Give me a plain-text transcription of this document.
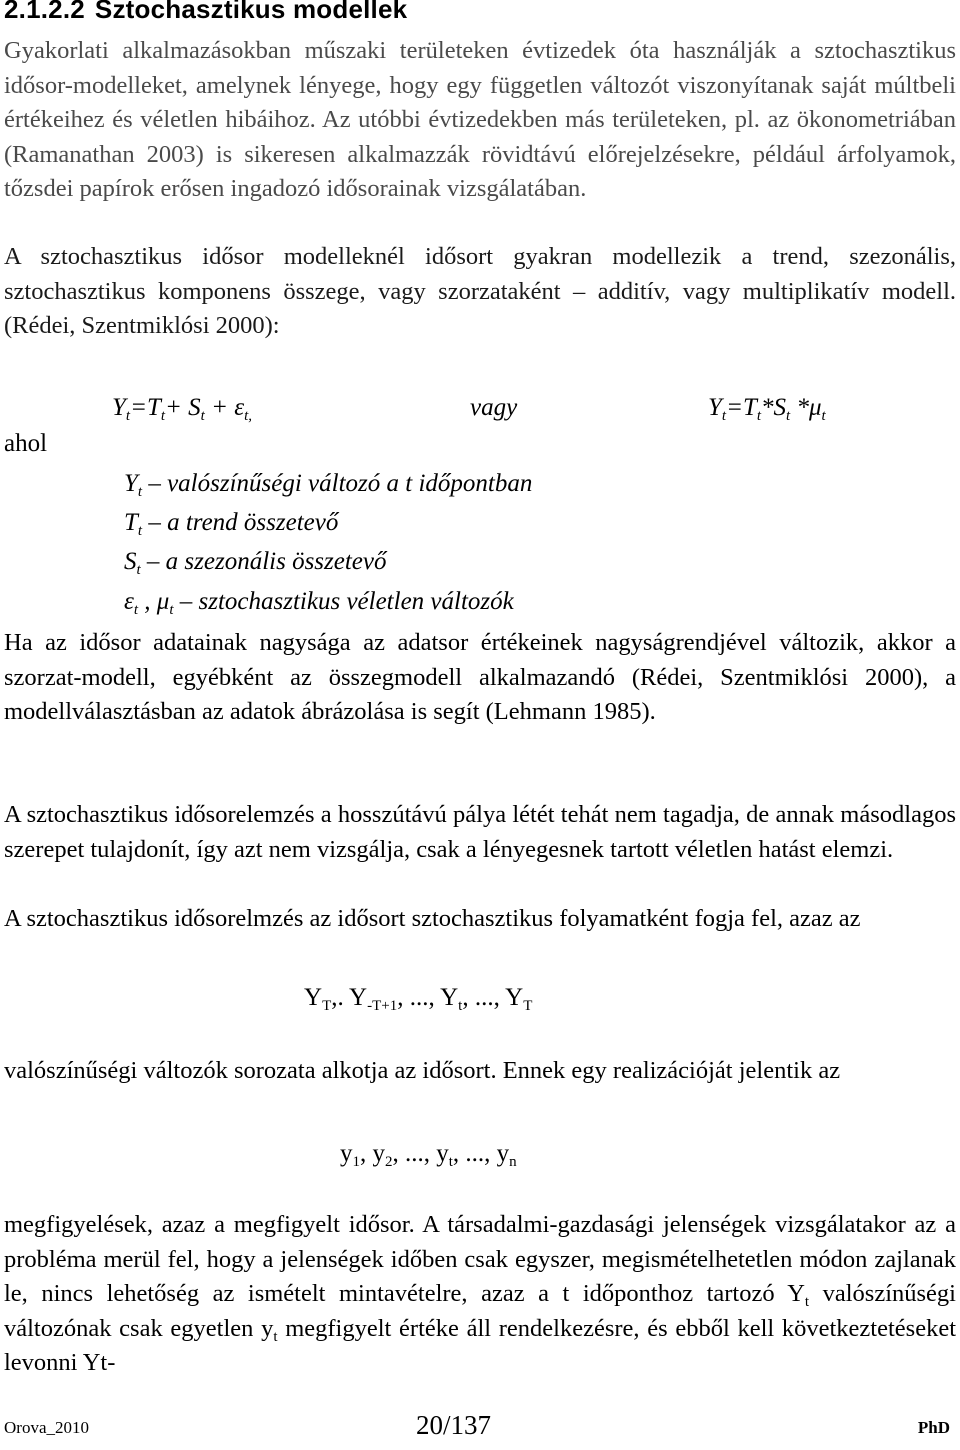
2.1.2.2 Sztochasztikus modellek

Gyakorlati alkalmazásokban műszaki területeken évtizedek óta használják a sztochasztikus idősor-modelleket, amelynek lényege, hogy egy független változót viszonyítanak saját múltbeli értékeihez és véletlen hibáihoz. Az utóbbi évtizedekben más területeken, pl. az ökonometriában (Ramanathan 2003) is sikeresen alkalmazzák rövidtávú előrejelzésekre, például árfolyamok, tőzsdei papírok erősen ingadozó idősorainak vizsgálatában.

A sztochasztikus idősor modelleknél idősort gyakran modellezik a trend, szezonális, sztochasztikus komponens összege, vagy szorzataként – additív, vagy multiplikatív modell. (Rédei, Szentmiklósi 2000):

$Y_t=T_t+ S_t + \varepsilon_{t,}$	vagy	$Y_t=T_t*S_t$ $*\mu_t$
ahol
$Y_t$ – valószínűségi változó a t időpontban
$T_t$ – a trend összetevő
$S_t$ – a szezonális összetevő
$\varepsilon_t$ , $\mu_t$ – sztochasztikus véletlen változók

Ha az idősor adatainak nagysága az adatsor értékeinek nagyságrendjével változik, akkor a szorzat-modell, egyébként az összegmodell alkalmazandó (Rédei, Szentmiklósi 2000), a modellválasztásban az adatok ábrázolása is segít (Lehmann 1985).

A sztochasztikus idősorelemzés a hosszútávú pálya létét tehát nem tagadja, de annak másodlagos szerepet tulajdonít, így azt nem vizsgálja, csak a lényegesnek tartott véletlen hatást elemzi.

A sztochasztikus idősorelmzés az idősort sztochasztikus folyamatként fogja fel, azaz az

$Y_T$,. $Y_{-T+1}$, ..., $Y_t$, ..., $Y_T$

valószínűségi változók sorozata alkotja az idősort. Ennek egy realizációját jelentik az

$y_1$, $y_2$, ..., $y_t$, ..., $y_n$

megfigyelések, azaz a megfigyelt idősor. A társadalmi-gazdasági jelenségek vizsgálatakor az a probléma merül fel, hogy a jelenségek időben csak egyszer, megismételhetetlen módon zajlanak le, nincs lehetőség az ismételt mintavételre, azaz a t időponthoz tartozó $Y_t$ valószínűségi változónak csak egyetlen $y_t$ megfigyelt értéke áll rendelkezésre, és ebből kell következtetéseket levonni Yt-

Orova_2010	20/137	PhD
